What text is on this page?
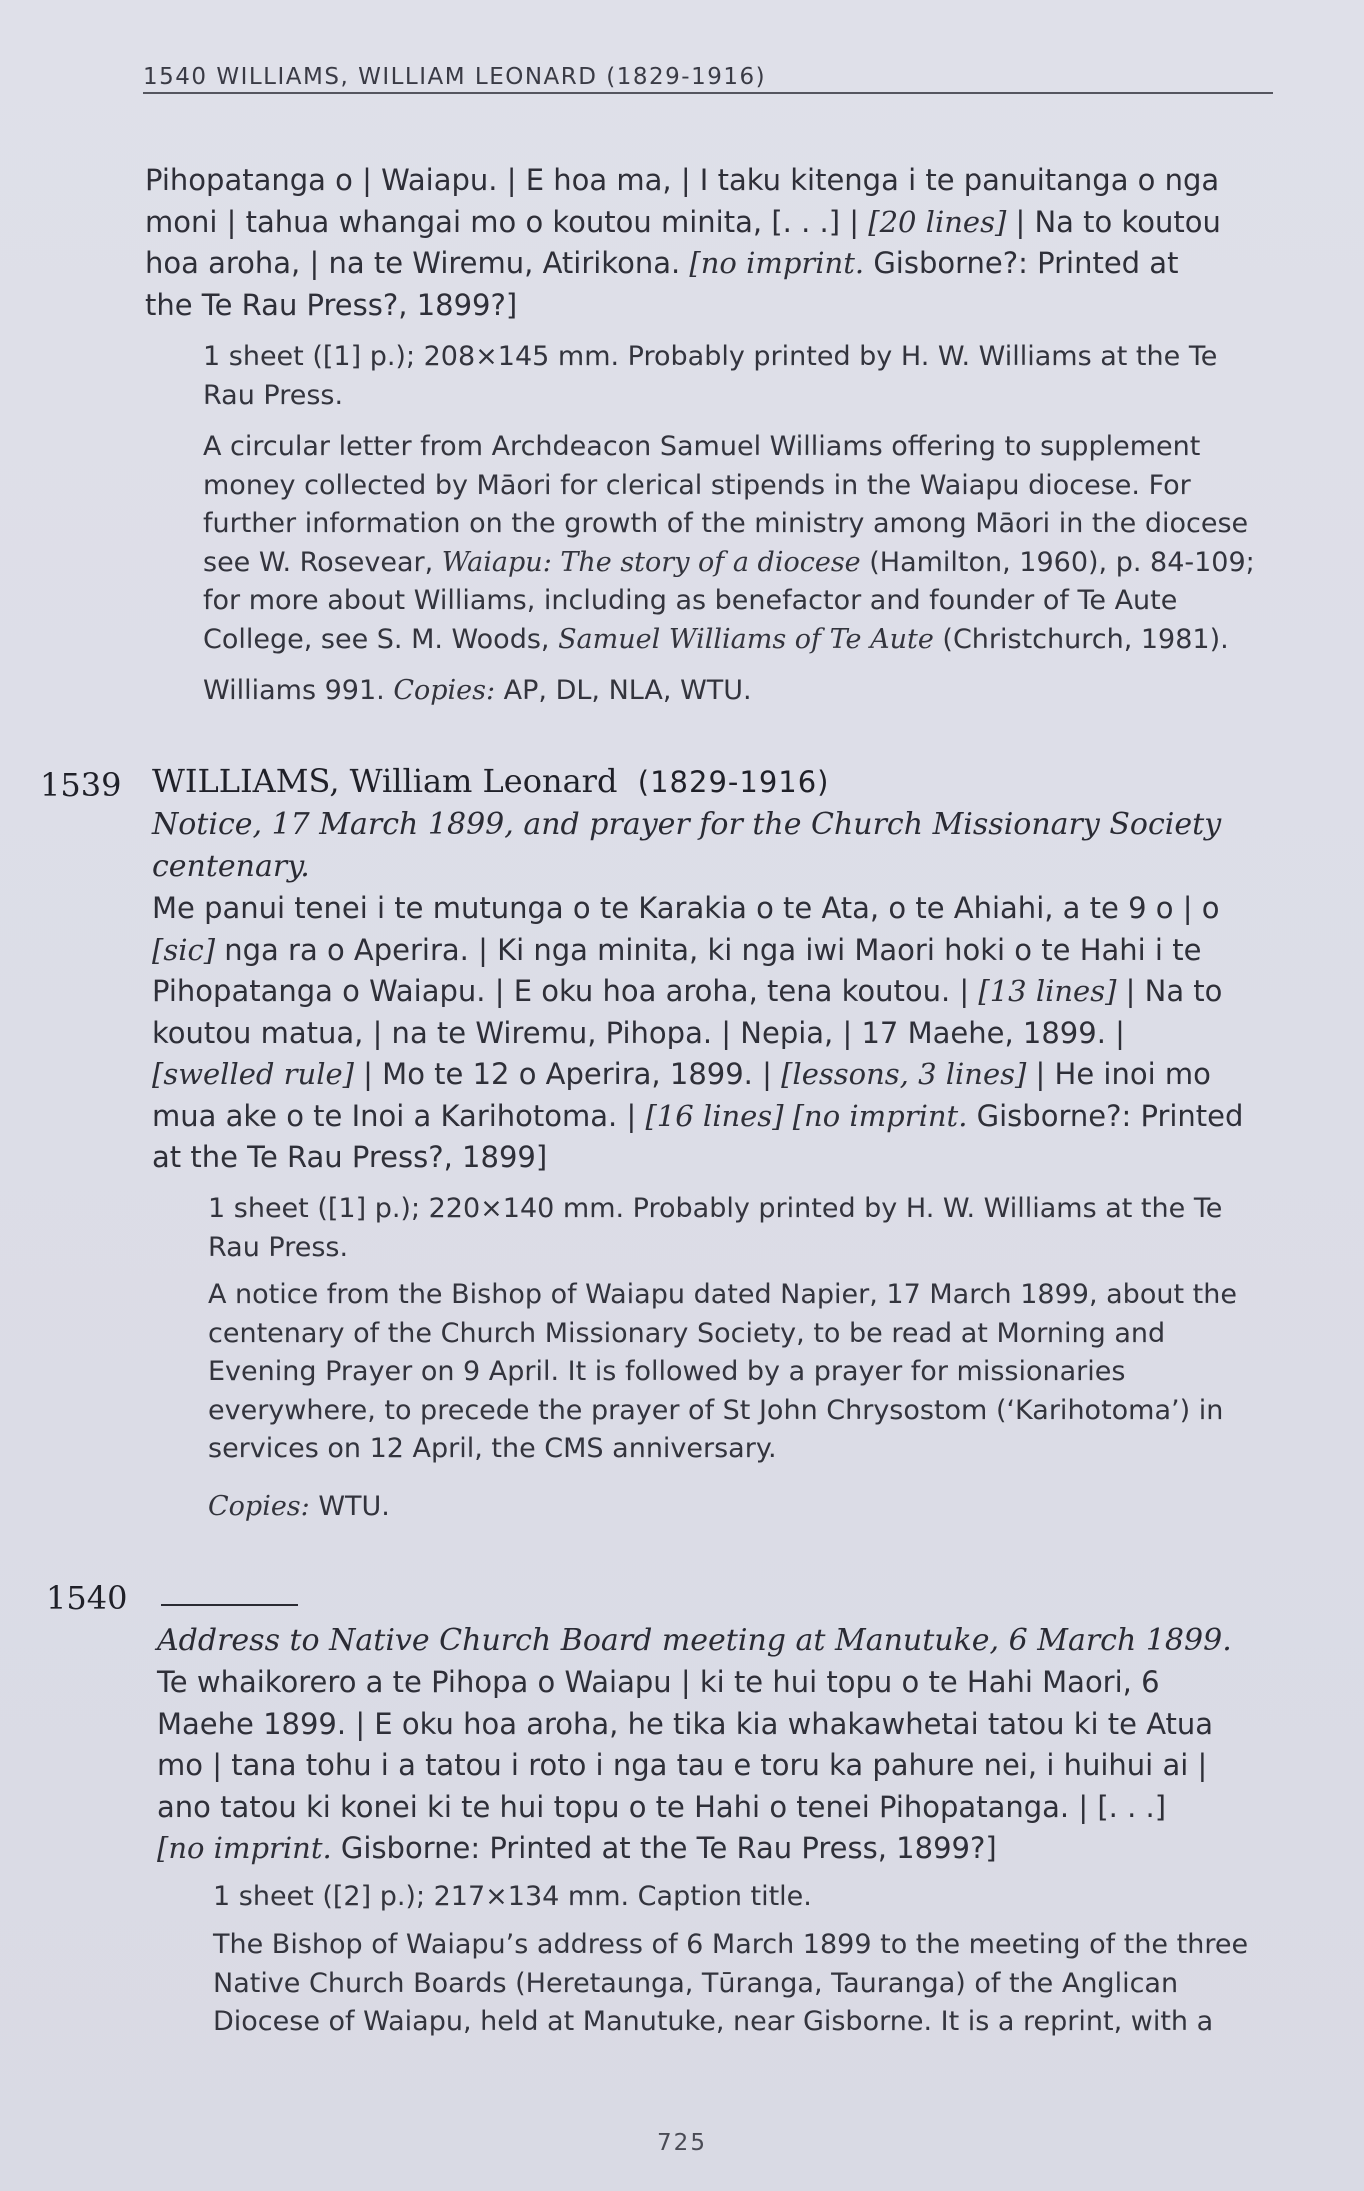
1540 WILLIAMS, WILLIAM LEONARD (1829-1916)

Pihopatanga o | Waiapu. | E hoa ma, | I taku kitenga i te panuitanga o nga

moni | tahua whangai mo o koutou minita, [. . .] | [20 lines] | Na to koutou

hoa aroha, | na te Wiremu, Atirikona. [no imprint. Gisborne?: Printed at

the Te Rau Press?, 1899?]

1 sheet ([1] p.); 208×145 mm. Probably printed by H. W. Williams at the Te

Rau Press.

A circular letter from Archdeacon Samuel Williams offering to supplement

money collected by Māori for clerical stipends in the Waiapu diocese. For

further information on the growth of the ministry among Māori in the diocese

see W. Rosevear, Waiapu: The story of a diocese (Hamilton, 1960), p. 84-109;

for more about Williams, including as benefactor and founder of Te Aute

College, see S. M. Woods, Samuel Williams of Te Aute (Christchurch, 1981).

Williams 991. Copies: AP, DL, NLA, WTU.

1539 WILLIAMS, William Leonard (1829-1916)

Notice, 17 March 1899, and prayer for the Church Missionary Society

centenary.

Me panui tenei i te mutunga o te Karakia o te Ata, o te Ahiahi, a te 9 o | o

[sic] nga ra o Aperira. | Ki nga minita, ki nga iwi Maori hoki o te Hahi i te

Pihopatanga o Waiapu. | E oku hoa aroha, tena koutou. | [13 lines] | Na to

koutou matua, | na te Wiremu, Pihopa. | Nepia, | 17 Maehe, 1899. |

[swelled rule] | Mo te 12 o Aperira, 1899. | [lessons, 3 lines] | He inoi mo

mua ake o te Inoi a Karihotoma. | [16 lines] [no imprint. Gisborne?: Printed

at the Te Rau Press?, 1899]

1 sheet ([1] p.); 220×140 mm. Probably printed by H. W. Williams at the Te

Rau Press.

A notice from the Bishop of Waiapu dated Napier, 17 March 1899, about the

centenary of the Church Missionary Society, to be read at Morning and

Evening Prayer on 9 April. It is followed by a prayer for missionaries

everywhere, to precede the prayer of St John Chrysostom (‘Karihotoma’) in

services on 12 April, the CMS anniversary.

Copies: WTU.

1540

Address to Native Church Board meeting at Manutuke, 6 March 1899.

Te whaikorero a te Pihopa o Waiapu | ki te hui topu o te Hahi Maori, 6

Maehe 1899. | E oku hoa aroha, he tika kia whakawhetai tatou ki te Atua

mo | tana tohu i a tatou i roto i nga tau e toru ka pahure nei, i huihui ai |

ano tatou ki konei ki te hui topu o te Hahi o tenei Pihopatanga. | [. . .]

[no imprint. Gisborne: Printed at the Te Rau Press, 1899?]

1 sheet ([2] p.); 217×134 mm. Caption title.

The Bishop of Waiapu’s address of 6 March 1899 to the meeting of the three

Native Church Boards (Heretaunga, Tūranga, Tauranga) of the Anglican

Diocese of Waiapu, held at Manutuke, near Gisborne. It is a reprint, with a

725
